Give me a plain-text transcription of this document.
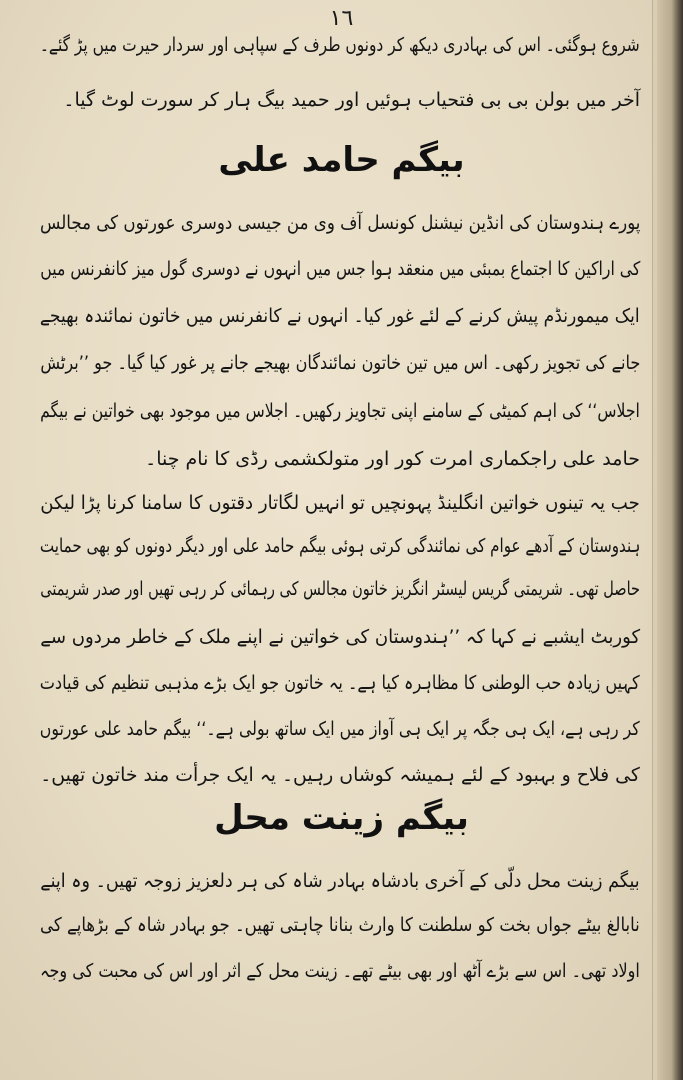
١٦
شروع ہوگئی۔ اس کی بہادری دیکھ کر دونوں طرف کے سپاہی اور سردار حیرت میں پڑ گئے۔
آخر میں بولن بی بی فتحیاب ہوئیں اور حمید بیگ ہار کر سورت لوٹ گیا۔
بیگم حامد علی
پورے ہندوستان کی انڈین نیشنل کونسل آف وی من جیسی دوسری عورتوں کی مجالس
کی اراکین کا اجتماع بمبئی میں منعقد ہوا جس میں انہوں نے دوسری گول میز کانفرنس میں
ایک میمورنڈم پیش کرنے کے لئے غور کیا۔ انہوں نے کانفرنس میں خاتون نمائندہ بھیجے
جانے کی تجویز رکھی۔ اس میں تین خاتون نمائندگان بھیجے جانے پر غور کیا گیا۔ جو ’’برٹش
اجلاس‘‘ کی اہم کمیٹی کے سامنے اپنی تجاویز رکھیں۔ اجلاس میں موجود بھی خواتین نے بیگم
حامد علی راجکماری امرت کور اور متولکشمی رڈی کا نام چنا۔
جب یہ تینوں خواتین انگلینڈ پہونچیں تو انہیں لگاتار دقتوں کا سامنا کرنا پڑا لیکن
ہندوستان کے آدھے عوام کی نمائندگی کرتی ہوئی بیگم حامد علی اور دیگر دونوں کو بھی حمایت
حاصل تھی۔ شریمتی گریس لیسٹر انگریز خاتون مجالس کی رہمائی کر رہی تھیں اور صدر شریمتی
کوربٹ ایشبے نے کہا کہ ’’ہندوستان کی خواتین نے اپنے ملک کے خاطر مردوں سے
کہیں زیادہ حب الوطنی کا مظاہرہ کیا ہے۔ یہ خاتون جو ایک بڑے مذہبی تنظیم کی قیادت
کر رہی ہے، ایک ہی جگہ پر ایک ہی آواز میں ایک ساتھ بولی ہے۔‘‘ بیگم حامد علی عورتوں
کی فلاح و بہبود کے لئے ہمیشہ کوشاں رہیں۔ یہ ایک جرأت مند خاتون تھیں۔
بیگم زینت محل
بیگم زینت محل دلّی کے آخری بادشاہ بہادر شاہ کی ہر دلعزیز زوجہ تھیں۔ وہ اپنے
نابالغ بیٹے جواں بخت کو سلطنت کا وارث بنانا چاہتی تھیں۔ جو بہادر شاہ کے بڑھاپے کی
اولاد تھی۔ اس سے بڑے آٹھ اور بھی بیٹے تھے۔ زینت محل کے اثر اور اس کی محبت کی وجہ
